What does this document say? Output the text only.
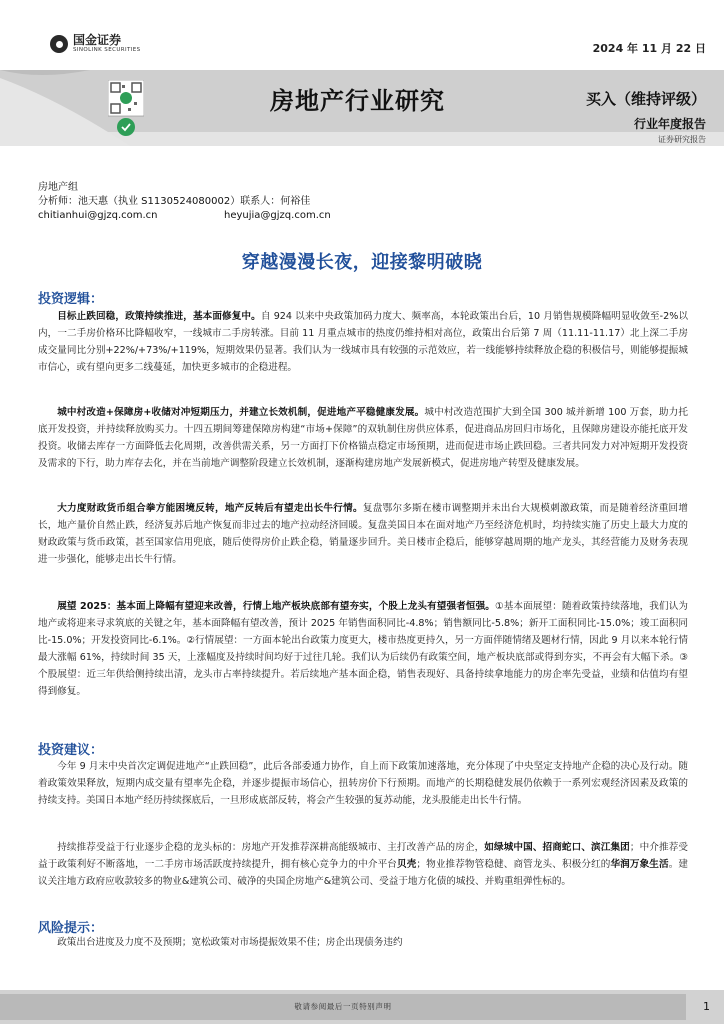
国金证券
SINOLINK SECURITIES	2024 年 11 月 22 日
房地产行业研究	买入（维持评级）
行业年度报告
证券研究报告
房地产组
分析师：池天惠（执业 S1130524080002）联系人：何裕佳
chitianhui@gjzq.com.cn	heyujia@gjzq.com.cn
穿越漫漫长夜，迎接黎明破晓
投资逻辑：

目标止跌回稳，政策持续推进，基本面修复中。自 924 以来中央政策加码力度大、频率高，本轮政策出台后，10 月销售规模降幅明显收敛至-2%以内，一二手房价格环比降幅收窄，一线城市二手房转涨。目前 11 月重点城市的热度仍维持相对高位，政策出台后第 7 周（11.11-11.17）北上深二手房成交量同比分别+22%/+73%/+119%，短期效果仍显著。我们认为一线城市具有较强的示范效应，若一线能够持续释放企稳的积极信号，则能够提振城市信心，或有望向更多二线蔓延，加快更多城市的企稳进程。

城中村改造+保障房+收储对冲短期压力，并建立长效机制，促进地产平稳健康发展。城中村改造范围扩大到全国 300 城并新增 100 万套，助力托底开发投资，并持续释放购买力。十四五期间筹建保障房构建“市场+保障”的双轨制住房供应体系，促进商品房回归市场化，且保障房建设亦能托底开发投资。收储去库存一方面降低去化周期，改善供需关系，另一方面打下价格锚点稳定市场预期，进而促进市场止跌回稳。三者共同发力对冲短期开发投资及需求的下行，助力库存去化，并在当前地产调整阶段建立长效机制，逐渐构建房地产发展新模式，促进房地产转型及健康发展。

大力度财政货币组合拳方能困境反转，地产反转后有望走出长牛行情。复盘鄂尔多斯在楼市调整期并未出台大规模刺激政策，而是随着经济重回增长，地产量价自然止跌，经济复苏后地产恢复而非过去的地产拉动经济回暖。复盘美国日本在面对地产乃至经济危机时，均持续实施了历史上最大力度的财政政策与货币政策，甚至国家信用兜底，随后使得房价止跌企稳，销量逐步回升。美日楼市企稳后，能够穿越周期的地产龙头，其经营能力及财务表现进一步强化，能够走出长牛行情。

展望 2025：基本面上降幅有望迎来改善，行情上地产板块底部有望夯实，个股上龙头有望强者恒强。①基本面展望：随着政策持续落地，我们认为地产或将迎来寻求筑底的关键之年，基本面降幅有望改善，预计 2025 年销售面积同比-4.8%；销售额同比-5.8%；新开工面积同比-15.0%；竣工面积同比-15.0%；开发投资同比-6.1%。②行情展望：一方面本轮出台政策力度更大，楼市热度更持久，另一方面伴随情绪及题材行情，因此 9 月以来本轮行情最大涨幅 61%，持续时间 35 天，上涨幅度及持续时间均好于过往几轮。我们认为后续仍有政策空间，地产板块底部或得到夯实，不再会有大幅下杀。③个股展望：近三年供给侧持续出清，龙头市占率持续提升。若后续地产基本面企稳，销售表现好、具备持续拿地能力的房企率先受益，业绩和估值均有望得到修复。

投资建议：

今年 9 月末中央首次定调促进地产“止跌回稳”，此后各部委通力协作，自上而下政策加速落地，充分体现了中央坚定支持地产企稳的决心及行动。随着政策效果释放，短期内成交量有望率先企稳，并逐步提振市场信心，扭转房价下行预期。而地产的长期稳健发展仍依赖于一系列宏观经济因素及政策的持续支持。美国日本地产经历持续探底后，一旦形成底部反转，将会产生较强的复苏动能，龙头股能走出长牛行情。

持续推荐受益于行业逐步企稳的龙头标的：房地产开发推荐深耕高能级城市、主打改善产品的房企，如绿城中国、招商蛇口、滨江集团；中介推荐受益于政策利好不断落地，一二手房市场活跃度持续提升，拥有核心竞争力的中介平台贝壳；物业推荐物管稳健、商管龙头、积极分红的华润万象生活。建议关注地方政府应收款较多的物业&建筑公司、破净的央国企房地产&建筑公司、受益于地方化债的城投、并购重组弹性标的。

风险提示：

政策出台进度及力度不及预期；宽松政策对市场提振效果不佳；房企出现债务违约

敬请参阅最后一页特别声明	1
